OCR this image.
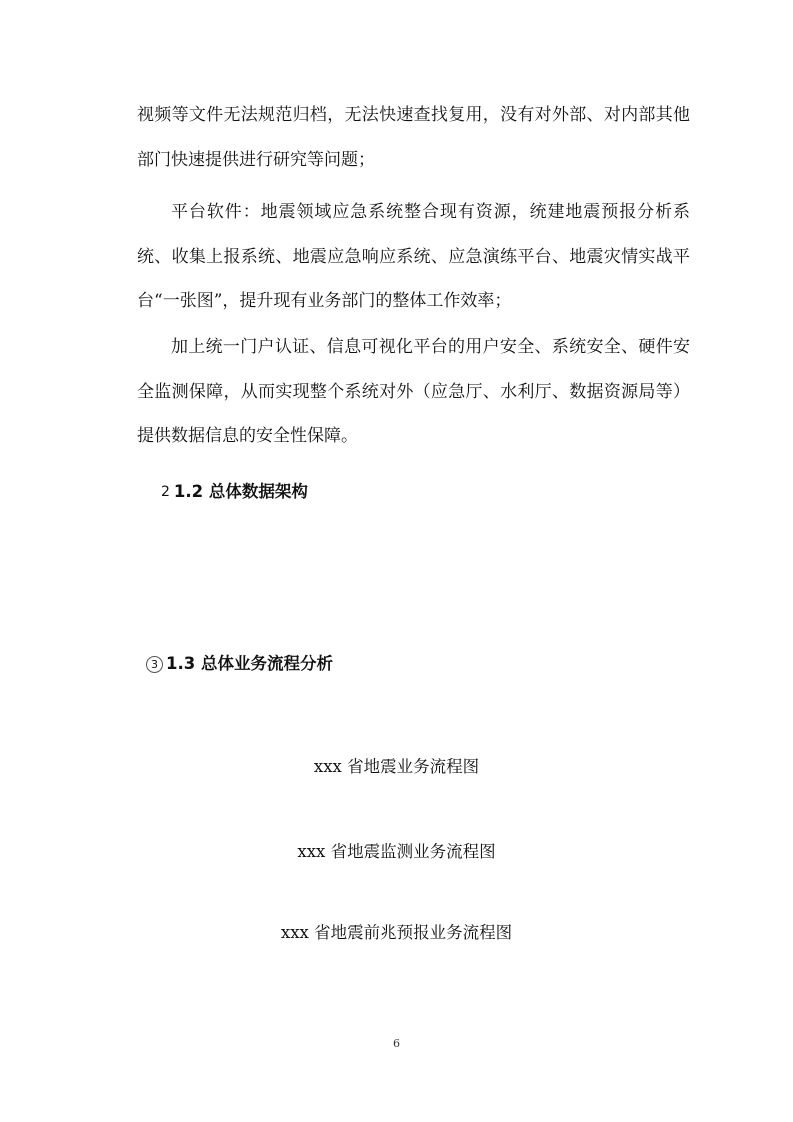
视频等文件无法规范归档，无法快速查找复用，没有对外部、对内部其他部门快速提供进行研究等问题；

平台软件：地震领域应急系统整合现有资源，统建地震预报分析系统、收集上报系统、地震应急响应系统、应急演练平台、地震灾情实战平台“一张图”，提升现有业务部门的整体工作效率；

加上统一门户认证、信息可视化平台的用户安全、系统安全、硬件安全监测保障，从而实现整个系统对外（应急厅、水利厅、数据资源局等）提供数据信息的安全性保障。

2 1.2 总体数据架构
3 1.3 总体业务流程分析

xxx 省地震业务流程图

xxx 省地震监测业务流程图

xxx 省地震前兆预报业务流程图

6
